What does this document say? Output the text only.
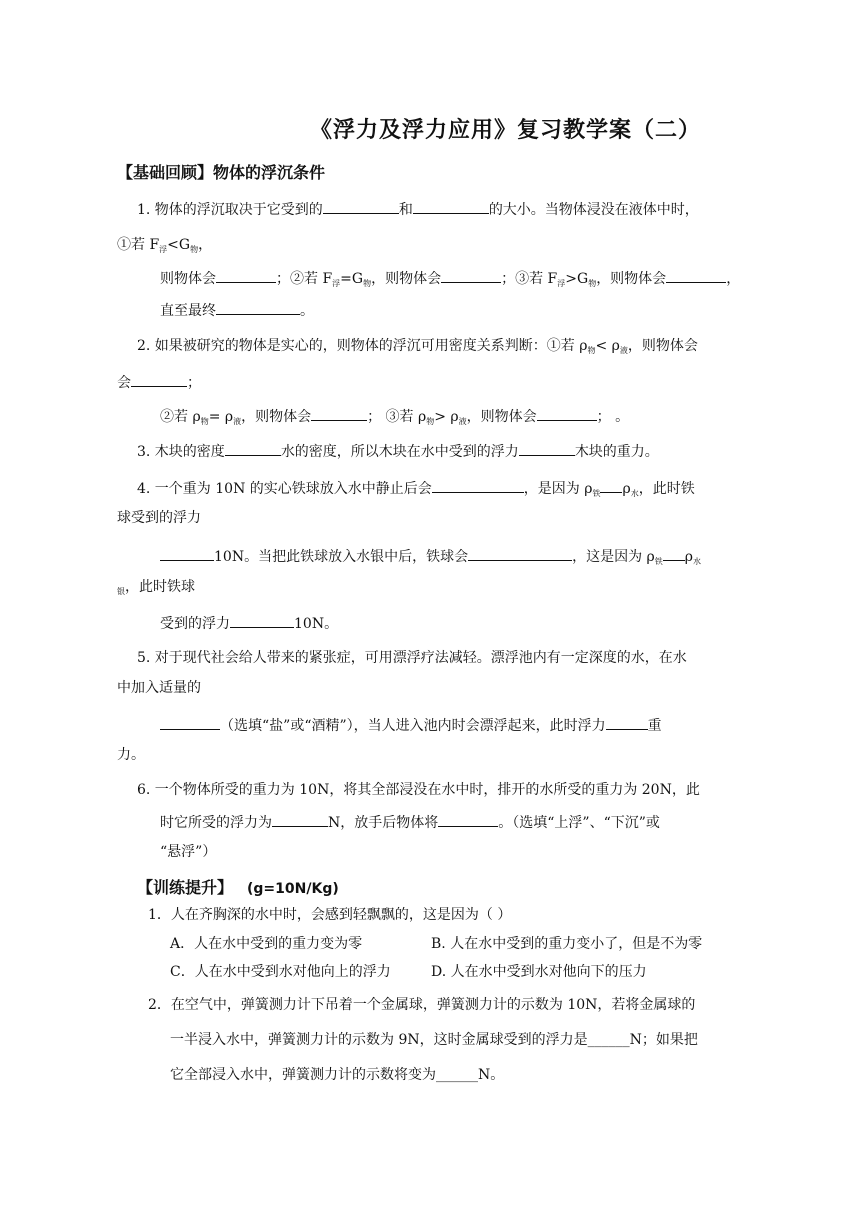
《浮力及浮力应用》复习教学案（二）
【基础回顾】物体的浮沉条件
1. 物体的浮沉取决于它受到的	和	的大小。当物体浸没在液体中时，
①若 $F_浮<G_物$，
则物体会	；②若 $F_浮=G_物$，则物体会	；③若 $F_浮>G_物$，则物体会	，
直至最终	。
2. 如果被研究的物体是实心的，则物体的浮沉可用密度关系判断：①若 $\rho_物< \rho_液$，则物体会
会	；
②若 $\rho_物= \rho_液$，则物体会	； ③若 $\rho_物> \rho_液$，则物体会	； 。
3. 木块的密度	水的密度，所以木块在水中受到的浮力	木块的重力。
4. 一个重为 10N 的实心铁球放入水中静止后会	，是因为 $\rho_铁$ $\rho_水$，此时铁
球受到的浮力
10N。当把此铁球放入水银中后，铁球会	，这是因为 $\rho_铁$ $\rho_水$
$_银$，此时铁球
受到的浮力	10N。
5. 对于现代社会给人带来的紧张症，可用漂浮疗法减轻。漂浮池内有一定深度的水，在水
中加入适量的
（选填“盐”或“酒精”），当人进入池内时会漂浮起来，此时浮力	重
力。
6. 一个物体所受的重力为 10N，将其全部浸没在水中时，排开的水所受的重力为 20N，此
时它所受的浮力为	N，放手后物体将	。（选填“上浮”、“下沉”或
“悬浮”）
【训练提升】 (g=10N/Kg)
1．人在齐胸深的水中时，会感到轻飘飘的，这是因为（ ）
A．人在水中受到的重力变为零	B. 人在水中受到的重力变小了，但是不为零
C．人在水中受到水对他向上的浮力	D. 人在水中受到水对他向下的压力
2．在空气中，弹簧测力计下吊着一个金属球，弹簧测力计的示数为 10N，若将金属球的
一半浸入水中，弹簧测力计的示数为 9N，这时金属球受到的浮力是______N；如果把
它全部浸入水中，弹簧测力计的示数将变为______N。
